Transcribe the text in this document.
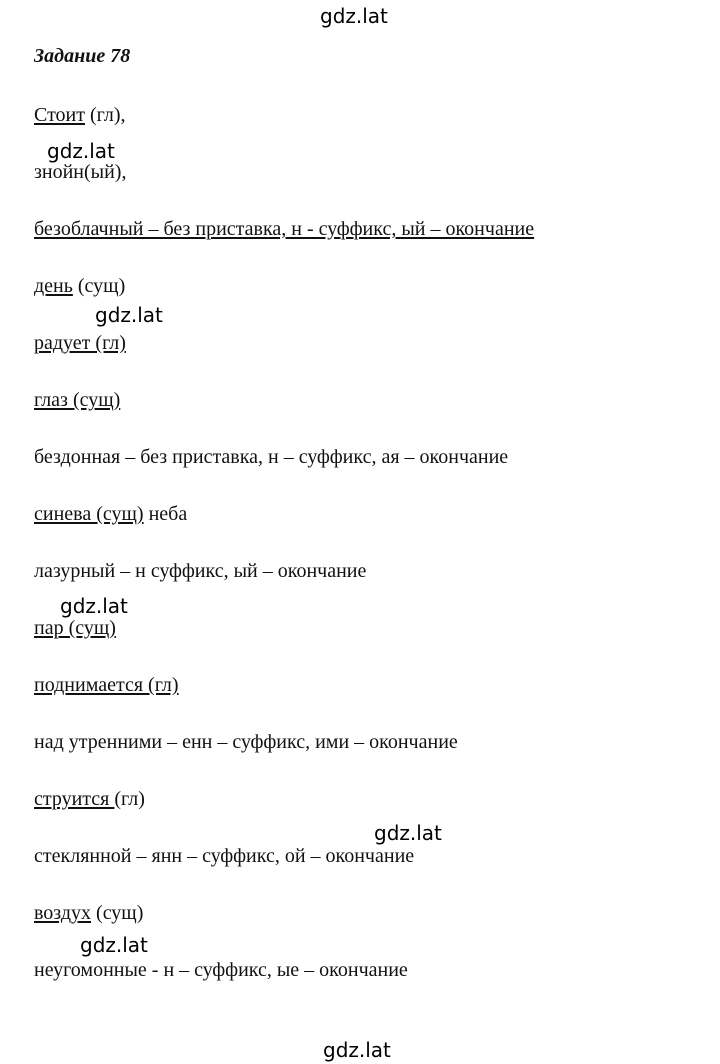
gdz.lat
Задание 78
Стоит (гл),
gdz.lat
знойн(ый),
безоблачный – без приставка, н - суффикс, ый – окончание
день (сущ)
gdz.lat
радует (гл)
глаз (сущ)
бездонная – без приставка, н – суффикс, ая – окончание
синева (сущ) неба
лазурный – н суффикс, ый – окончание
gdz.lat
пар (сущ)
поднимается (гл)
над утренними – енн – суффикс, ими – окончание
струится (гл)
gdz.lat
стеклянной – янн – суффикс, ой – окончание
воздух (сущ)
gdz.lat
неугомонные - н – суффикс, ые – окончание
gdz.lat
